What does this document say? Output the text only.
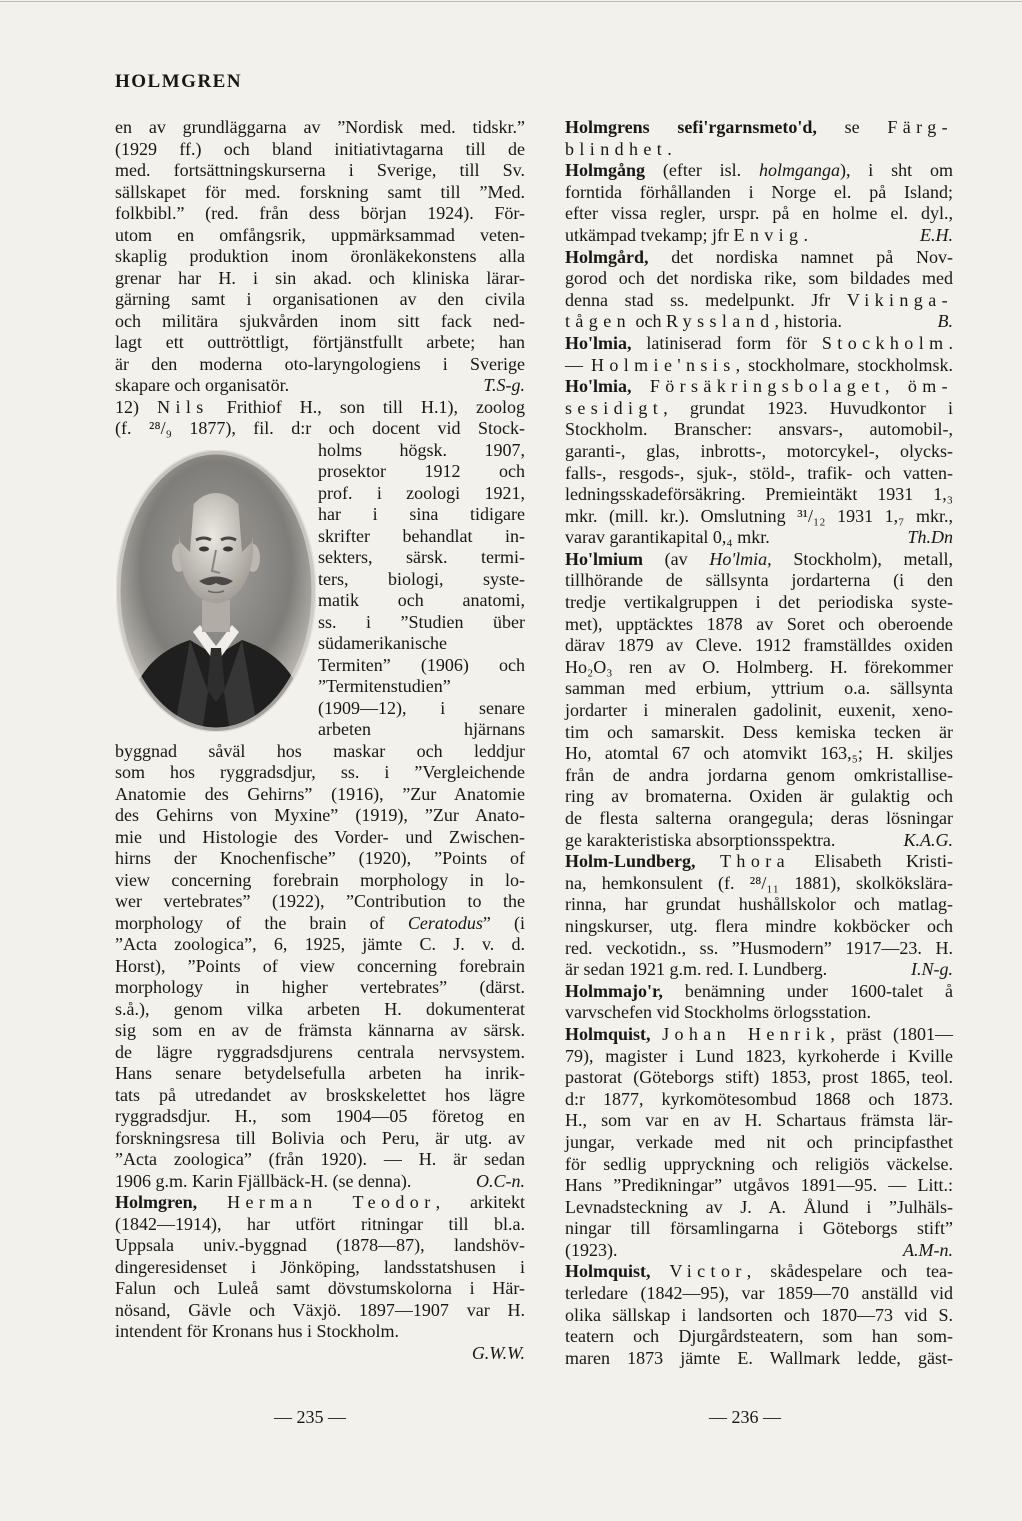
HOLMGREN
en av grundläggarna av ”Nordisk med. tidskr.”
(1929 ff.) och bland initiativtagarna till de
med. fortsättningskurserna i Sverige, till Sv.
sällskapet för med. forskning samt till ”Med.
folkbibl.” (red. från dess början 1924). För-
utom en omfångsrik, uppmärksammad veten-
skaplig produktion inom öronläkekonstens alla
grenar har H. i sin akad. och kliniska lärar-
gärning samt i organisationen av den civila
och militära sjukvården inom sitt fack ned-
lagt ett outtröttligt, förtjänstfullt arbete; han
är den moderna oto-laryngologiens i Sverige
skapare och organisatör.	T.S-g.
12) Nils Frithiof H., son till H.1), zoolog
(f. ²⁸/₉ 1877), fil. d:r och docent vid Stock-
holms högsk. 1907,
prosektor 1912 och
prof. i zoologi 1921,
har i sina tidigare
skrifter behandlat in-
sekters, särsk. termi-
ters, biologi, syste-
matik och anatomi,
ss. i ”Studien über
südamerikanische
Termiten” (1906) och
”Termitenstudien”
(1909—12), i senare
arbeten hjärnans
byggnad såväl hos maskar och leddjur
som hos ryggradsdjur, ss. i ”Vergleichende
Anatomie des Gehirns” (1916), ”Zur Anatomie
des Gehirns von Myxine” (1919), ”Zur Anato-
mie und Histologie des Vorder- und Zwischen-
hirns der Knochenfische” (1920), ”Points of
view concerning forebrain morphology in lo-
wer vertebrates” (1922), ”Contribution to the
morphology of the brain of Ceratodus” (i
”Acta zoologica”, 6, 1925, jämte C. J. v. d.
Horst), ”Points of view concerning forebrain
morphology in higher vertebrates” (därst.
s.å.), genom vilka arbeten H. dokumenterat
sig som en av de främsta kännarna av särsk.
de lägre ryggradsdjurens centrala nervsystem.
Hans senare betydelsefulla arbeten ha inrik-
tats på utredandet av broskskelettet hos lägre
ryggradsdjur. H., som 1904—05 företog en
forskningsresa till Bolivia och Peru, är utg. av
”Acta zoologica” (från 1920). — H. är sedan
1906 g.m. Karin Fjällbäck-H. (se denna).	O.C-n.
Holmgren, Herman Teodor, arkitekt
(1842—1914), har utfört ritningar till bl.a.
Uppsala univ.-byggnad (1878—87), landshöv-
dingeresidenset i Jönköping, landsstatshusen i
Falun och Luleå samt dövstumskolorna i Här-
nösand, Gävle och Växjö. 1897—1907 var H.
intendent för Kronans hus i Stockholm.
G.W.W.
Holmgrens sefi'rgarnsmeto'd, se Färg-
blindhet.
Holmgång (efter isl. holmganga), i sht om
forntida förhållanden i Norge el. på Island;
efter vissa regler, urspr. på en holme el. dyl.,
utkämpad tvekamp; jfr Envig.	E.H.
Holmgård, det nordiska namnet på Nov-
gorod och det nordiska rike, som bildades med
denna stad ss. medelpunkt. Jfr Vikinga-
tågen och Ryssland, historia.	B.
Ho'lmia, latiniserad form för Stockholm.
— Holmie'nsis, stockholmare, stockholmsk.
Ho'lmia, Försäkringsbolaget, öm-
sesidigt, grundat 1923. Huvudkontor i
Stockholm. Branscher: ansvars-, automobil-,
garanti-, glas, inbrotts-, motorcykel-, olycks-
falls-, resgods-, sjuk-, stöld-, trafik- och vatten-
ledningsskadeförsäkring. Premieintäkt 1931 1,₃
mkr. (mill. kr.). Omslutning ³¹/₁₂ 1931 1,₇ mkr.,
varav garantikapital 0,₄ mkr.	Th.Dn
Ho'lmium (av Ho'lmia, Stockholm), metall,
tillhörande de sällsynta jordarterna (i den
tredje vertikalgruppen i det periodiska syste-
met), upptäcktes 1878 av Soret och oberoende
därav 1879 av Cleve. 1912 framställdes oxiden
Ho₂O₃ ren av O. Holmberg. H. förekommer
samman med erbium, yttrium o.a. sällsynta
jordarter i mineralen gadolinit, euxenit, xeno-
tim och samarskit. Dess kemiska tecken är
Ho, atomtal 67 och atomvikt 163,₅; H. skiljes
från de andra jordarna genom omkristallise-
ring av bromaterna. Oxiden är gulaktig och
de flesta salterna orangegula; deras lösningar
ge karakteristiska absorptionsspektra.	K.A.G.
Holm-Lundberg, Thora Elisabeth Kristi-
na, hemkonsulent (f. ²⁸/₁₁ 1881), skolkökslära-
rinna, har grundat hushållskolor och matlag-
ningskurser, utg. flera mindre kokböcker och
red. veckotidn., ss. ”Husmodern” 1917—23. H.
är sedan 1921 g.m. red. I. Lundberg.	I.N-g.
Holmmajo'r, benämning under 1600-talet å
varvschefen vid Stockholms örlogsstation.
Holmquist, Johan Henrik, präst (1801—
79), magister i Lund 1823, kyrkoherde i Kville
pastorat (Göteborgs stift) 1853, prost 1865, teol.
d:r 1877, kyrkomötesombud 1868 och 1873.
H., som var en av H. Schartaus främsta lär-
jungar, verkade med nit och principfasthet
för sedlig uppryckning och religiös väckelse.
Hans ”Predikningar” utgåvos 1891—95. — Litt.:
Levnadsteckning av J. A. Ålund i ”Julhäls-
ningar till församlingarna i Göteborgs stift”
(1923).	A.M-n.
Holmquist, Victor, skådespelare och tea-
terledare (1842—95), var 1859—70 anställd vid
olika sällskap i landsorten och 1870—73 vid S.
teatern och Djurgårdsteatern, som han som-
maren 1873 jämte E. Wallmark ledde, gäst-
— 235 —	— 236 —
